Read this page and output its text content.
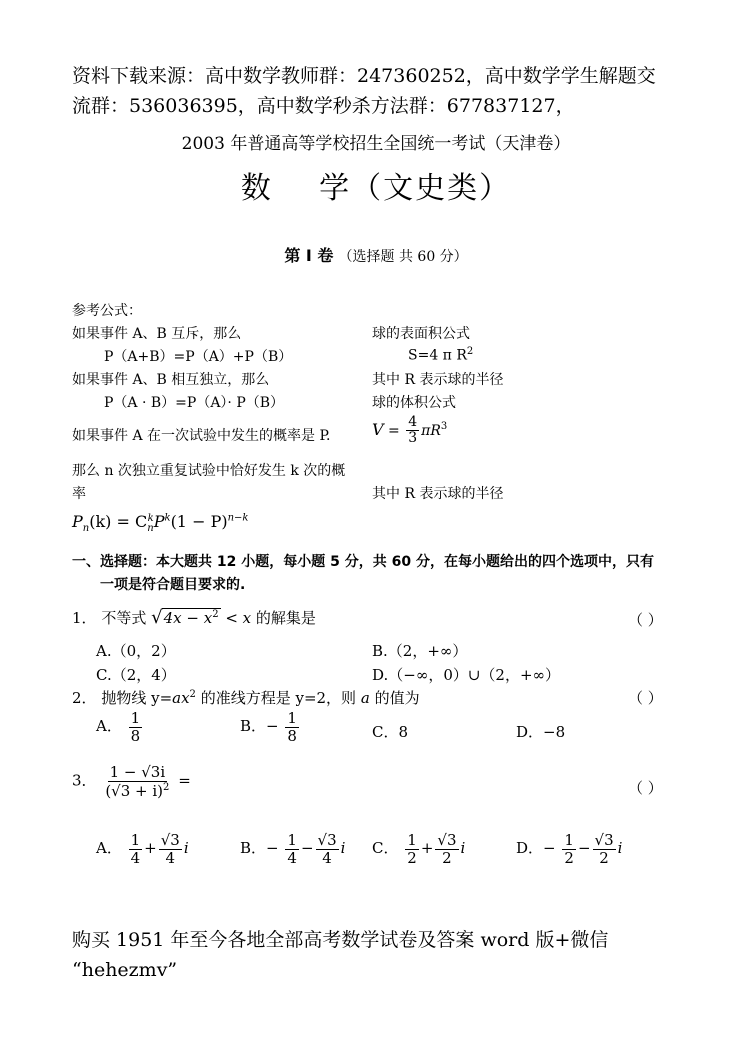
资料下载来源：高中数学教师群：247360252，高中数学学生解题交
流群：536036395，高中数学秒杀方法群：677837127，
2003 年普通高等学校招生全国统一考试（天津卷）
数    学（文史类）
第 Ⅰ 卷 （选择题 共 60 分）
参考公式：
如果事件 A、B 互斥，那么
P（A+B）=P（A）+P（B）
如果事件 A、B 相互独立，那么
P（A · B）=P（A）· P（B）
如果事件 A 在一次试验中发生的概率是 P.
那么 n 次独立重复试验中恰好发生 k 次的概
率
球的表面积公式
S=4 π $R^2$
其中 R 表示球的半径
球的体积公式
$V = \frac{4}{3} \pi R^3$
其中 R 表示球的半径
$P_n(k) = C_n^kP^k(1 - P)^{n-k}$
一、选择题：本大题共 12 小题，每小题 5 分，共 60 分，在每小题给出的四个选项中，只有
一项是符合题目要求的.
1． 不等式 $√4x - x^2 < x$ 的解集是	（ ）
A.（0，2）	B.（2，+∞）
C.（2，4）	D.（−∞，0）∪（2，+∞）
2． 抛物线 $y=ax^2$ 的准线方程是 y=2，则 a 的值为	（ ）
A． $\frac{1}{8}$	B．− $\frac{1}{8}$	C．8	D．−8
3． $\frac{1 - √3i}{(√3 + i)^2}$ =	（ ）
A． $\frac{1}{4} + \frac{√3}{4}$ i	B．− $\frac{1}{4} - \frac{√3}{4}$ i C． $\frac{1}{2} + \frac{√3}{2}$ i	D．− $\frac{1}{2} - \frac{√3}{2}$ i
购买 1951 年至今各地全部高考数学试卷及答案 word 版+微信
“hehezmv”
